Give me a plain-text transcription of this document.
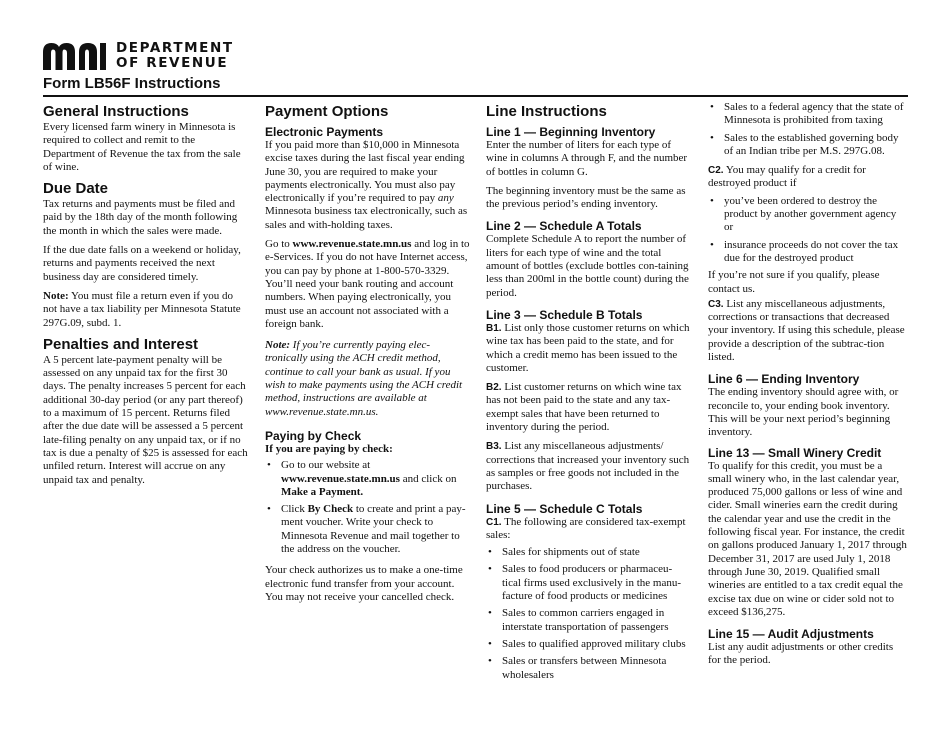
DEPARTMENT
OF REVENUE
Form LB56F Instructions
General Instructions

Every licensed farm winery in Minnesota is required to collect and remit to the Department of Revenue the tax from the sale of wine.

Due Date

Tax returns and payments must be filed and paid by the 18th day of the month following the month in which the sales were made.

If the due date falls on a weekend or holiday, returns and payments received the next business day are considered timely.

Note: You must file a return even if you do not have a tax liability per Minnesota Statute 297G.09, subd. 1.

Penalties and Interest

A 5 percent late-payment penalty will be assessed on any unpaid tax for the first 30 days. The penalty increases 5 percent for each additional 30-day period (or any part thereof) to a maximum of 15 percent. Returns filed after the due date will be assessed a 5 percent late-filing penalty on any unpaid tax, or if no tax is due a penalty of $25 is assessed for each unfiled return. Interest will accrue on any unpaid tax and penalty.

Payment Options
Electronic Payments

If you paid more than $10,000 in Minnesota excise taxes during the last fiscal year ending June 30, you are required to make your payments electronically. You must also pay electronically if you’re required to pay any Minnesota business tax electronically, such as sales and with-holding taxes.

Go to www.revenue.state.mn.us and log in to e-Services. If you do not have Internet access, you can pay by phone at 1-800-570-3329. You’ll need your bank routing and account numbers. When paying electronically, you must use an account not associated with a foreign bank.

Note: If you’re currently paying elec-tronically using the ACH credit method, continue to call your bank as usual. If you wish to make payments using the ACH credit method, instructions are available at www.revenue.state.mn.us.

Paying by Check

If you are paying by check:

• Go to our website at www.revenue.state.mn.us and click on Make a Payment.
• Click By Check to create and print a pay-ment voucher. Write your check to Minnesota Revenue and mail together to the address on the voucher.

Your check authorizes us to make a one-time electronic fund transfer from your account. You may not receive your cancelled check.

Line Instructions
Line 1 — Beginning Inventory

Enter the number of liters for each type of wine in columns A through F, and the number of bottles in column G.

The beginning inventory must be the same as the previous period’s ending inventory.

Line 2 — Schedule A Totals

Complete Schedule A to report the number of liters for each type of wine and the total amount of bottles (exclude bottles con-taining less than 200ml in the bottle count) during the period.

Line 3 — Schedule B Totals

B1. List only those customer returns on which wine tax has been paid to the state, and for which a credit memo has been issued to the customer.

B2. List customer returns on which wine tax has not been paid to the state and any tax-exempt sales that have been returned to inventory during the period.

B3. List any miscellaneous adjustments/ corrections that increased your inventory such as samples or free goods not included in the purchases.

Line 5 — Schedule C Totals

C1. The following are considered tax-exempt sales:

• Sales for shipments out of state
• Sales to food producers or pharmaceu-tical firms used exclusively in the manu-facture of food products or medicines
• Sales to common carriers engaged in interstate transportation of passengers
• Sales to qualified approved military clubs
• Sales or transfers between Minnesota wholesalers
• Sales to a federal agency that the state of Minnesota is prohibited from taxing
• Sales to the established governing body of an Indian tribe per M.S. 297G.08.

C2. You may qualify for a credit for destroyed product if

• you’ve been ordered to destroy the product by another government agency or
• insurance proceeds do not cover the tax due for the destroyed product

If you’re not sure if you qualify, please contact us.

C3. List any miscellaneous adjustments, corrections or transactions that decreased your inventory. If using this schedule, please provide a description of the subtrac-tion listed.

Line 6 — Ending Inventory

The ending inventory should agree with, or reconcile to, your ending book inventory. This will be your next period’s beginning inventory.

Line 13 — Small Winery Credit

To qualify for this credit, you must be a small winery who, in the last calendar year, produced 75,000 gallons or less of wine and cider. Small wineries earn the credit during the calendar year and use the credit in the following fiscal year. For instance, the credit on gallons produced January 1, 2017 through December 31, 2017 are used July 1, 2018 through June 30, 2019. Qualified small wineries are entitled to a tax credit equal the excise tax due on wine or cider sold not to exceed $136,275.

Line 15 — Audit Adjustments

List any audit adjustments or other credits for the period.
